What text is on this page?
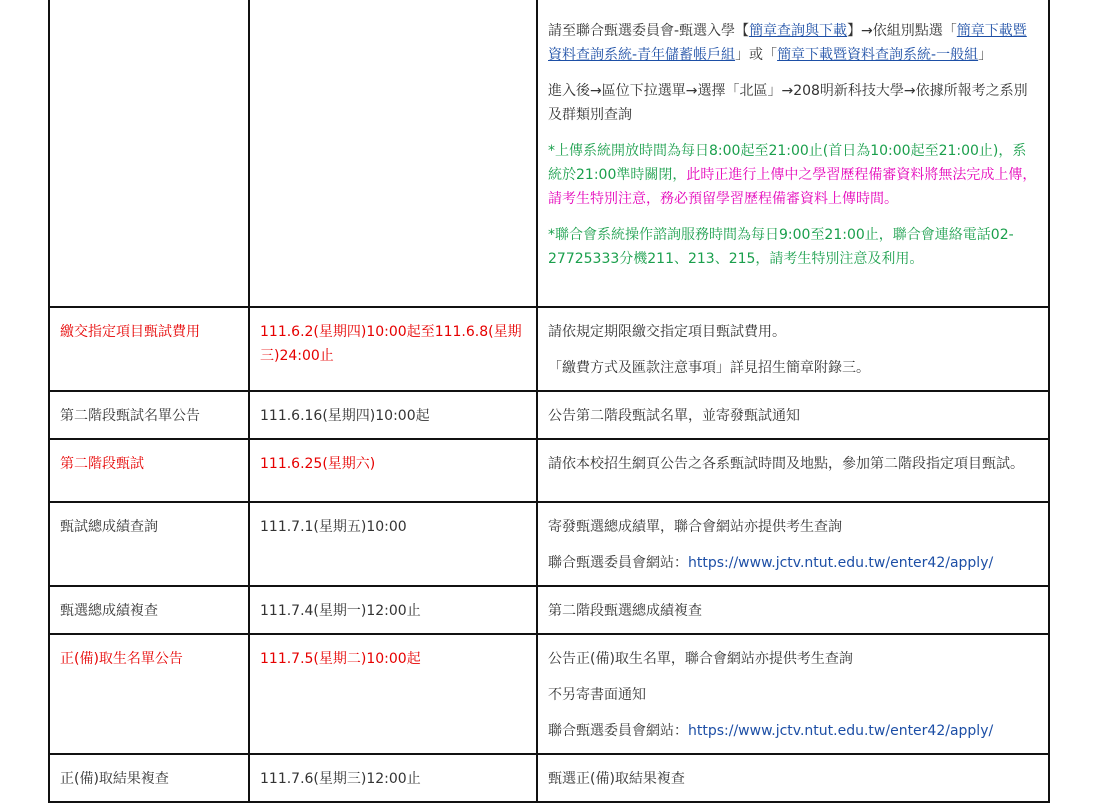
		請至聯合甄選委員會-甄選入學【簡章查詢與下載】→依組別點選「簡章下載暨資料查詢系統-青年儲蓄帳戶組」或「簡章下載暨資料查詢系統-一般組」

進入後→區位下拉選單→選擇「北區」→208明新科技大學→依據所報考之系別及群類別查詢

*上傳系統開放時間為每日8:00起至21:00止(首日為10:00起至21:00止)，系統於21:00準時關閉，此時正進行上傳中之學習歷程備審資料將無法完成上傳，請考生特別注意，務必預留學習歷程備審資料上傳時間。

*聯合會系統操作諮詢服務時間為每日9:00至21:00止，聯合會連絡電話02-27725333分機211、213、215，請考生特別注意及利用。

繳交指定項目甄試費用	111.6.2(星期四)10:00起至111.6.8(星期三)24:00止	請依規定期限繳交指定項目甄試費用。

「繳費方式及匯款注意事項」詳見招生簡章附錄三。

第二階段甄試名單公告	111.6.16(星期四)10:00起	公告第二階段甄試名單，並寄發甄試通知

第二階段甄試	111.6.25(星期六)	請依本校招生網頁公告之各系甄試時間及地點，參加第二階段指定項目甄試。

甄試總成績查詢	111.7.1(星期五)10:00	寄發甄選總成績單，聯合會網站亦提供考生查詢

聯合甄選委員會網站：https://www.jctv.ntut.edu.tw/enter42/apply/

甄選總成績複查	111.7.4(星期一)12:00止	第二階段甄選總成績複查

正(備)取生名單公告	111.7.5(星期二)10:00起	公告正(備)取生名單，聯合會網站亦提供考生查詢

不另寄書面通知

聯合甄選委員會網站：https://www.jctv.ntut.edu.tw/enter42/apply/

正(備)取結果複查	111.7.6(星期三)12:00止	甄選正(備)取結果複查
